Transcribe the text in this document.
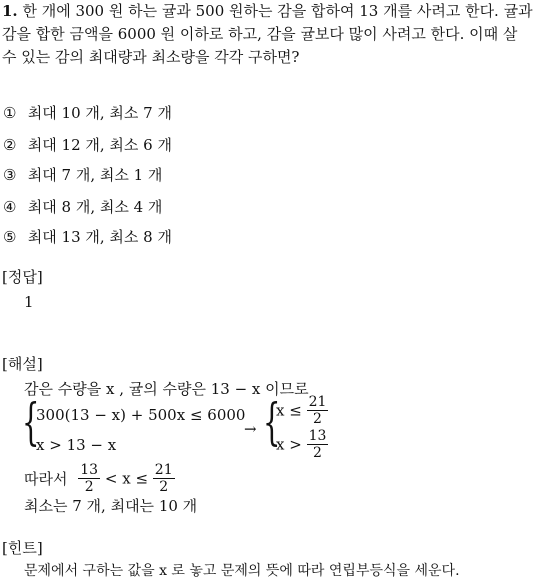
1. 한 개에 300 원 하는 귤과 500 원하는 감을 합하여 13 개를 사려고 한다. 귤과 감을 합한 금액을 6000 원 이하로 하고, 감을 귤보다 많이 사려고 한다. 이때 살 수 있는 감의 최대량과 최소량을 각각 구하면?
① 최대 10 개, 최소 7 개
② 최대 12 개, 최소 6 개
③ 최대 7 개, 최소 1 개
④ 최대 8 개, 최소 4 개
⑤ 최대 13 개, 최소 8 개
[정답]
1
[해설]
감은 수량을 x , 귤의 수량은 13 − x 이므로
{
300(13 − x) + 500x ≤ 6000
x > 13 − x
→ {
$x \le \frac{21}{2}$
$x > \frac{13}{2}$
따라서 $\frac{13}{2} < x \le \frac{21}{2}$
최소는 7 개, 최대는 10 개
[힌트]
문제에서 구하는 값을 x 로 놓고 문제의 뜻에 따라 연립부등식을 세운다.
